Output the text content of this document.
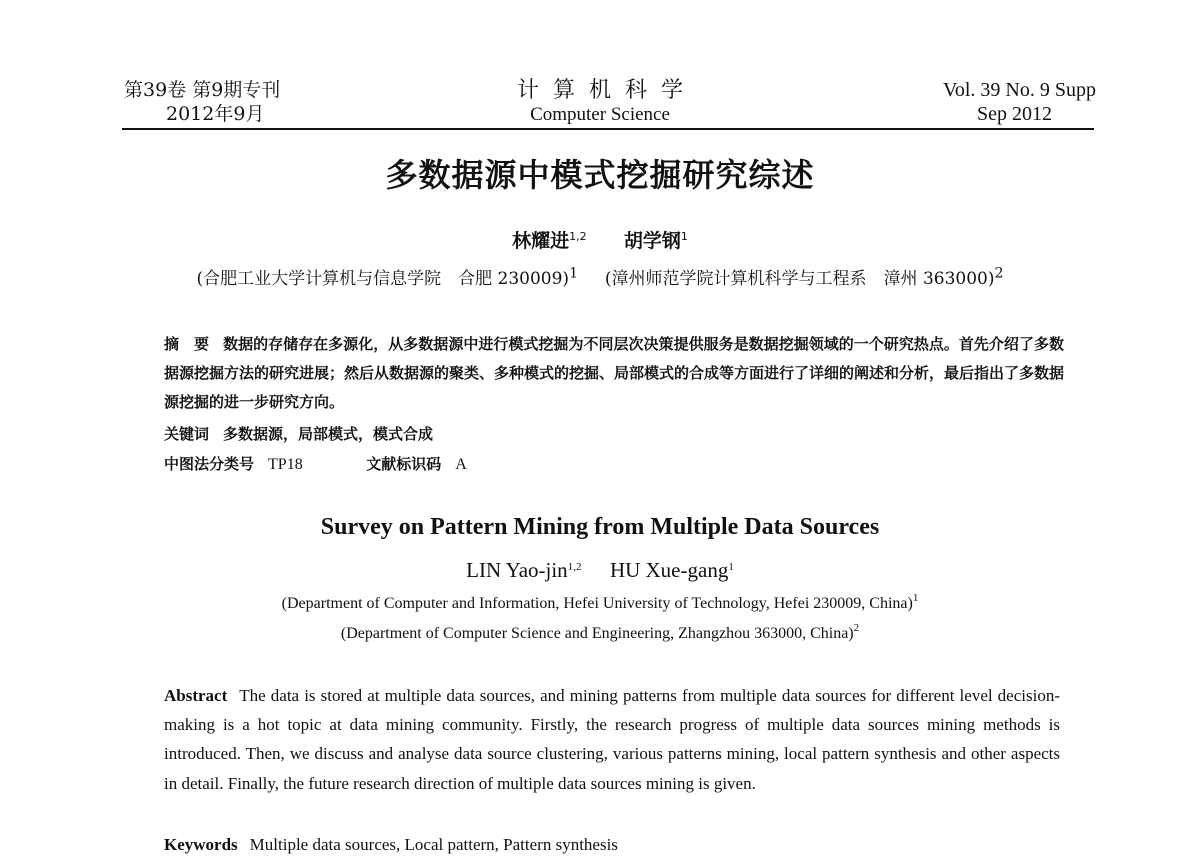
第39卷 第9期专刊
2012年9月
计算机科学
Computer Science
Vol. 39 No. 9 Supp
Sep 2012
多数据源中模式挖掘研究综述
林耀进$^{1,2}$ 胡学钢$^1$
(合肥工业大学计算机与信息学院　合肥 230009)$^1$ (漳州师范学院计算机科学与工程系　漳州 363000)$^2$
摘　要 数据的存储存在多源化，从多数据源中进行模式挖掘为不同层次决策提供服务是数据挖掘领域的一个研究热点。首先介绍了多数据源挖掘方法的研究进展；然后从数据源的聚类、多种模式的挖掘、局部模式的合成等方面进行了详细的阐述和分析，最后指出了多数据源挖掘的进一步研究方向。
关键词 多数据源，局部模式，模式合成
中图法分类号 TP18	文献标识码 A
Survey on Pattern Mining from Multiple Data Sources
LIN Yao-jin$^{1,2}$ HU Xue-gang$^1$
(Department of Computer and Information, Hefei University of Technology, Hefei 230009, China)$^1$
(Department of Computer Science and Engineering, Zhangzhou 363000, China)$^2$
Abstract The data is stored at multiple data sources, and mining patterns from multiple data sources for different level decision-making is a hot topic at data mining community. Firstly, the research progress of multiple data sources mining methods is introduced. Then, we discuss and analyse data source clustering, various patterns mining, local pattern synthesis and other aspects in detail. Finally, the future research direction of multiple data sources mining is given.
Keywords Multiple data sources, Local pattern, Pattern synthesis
